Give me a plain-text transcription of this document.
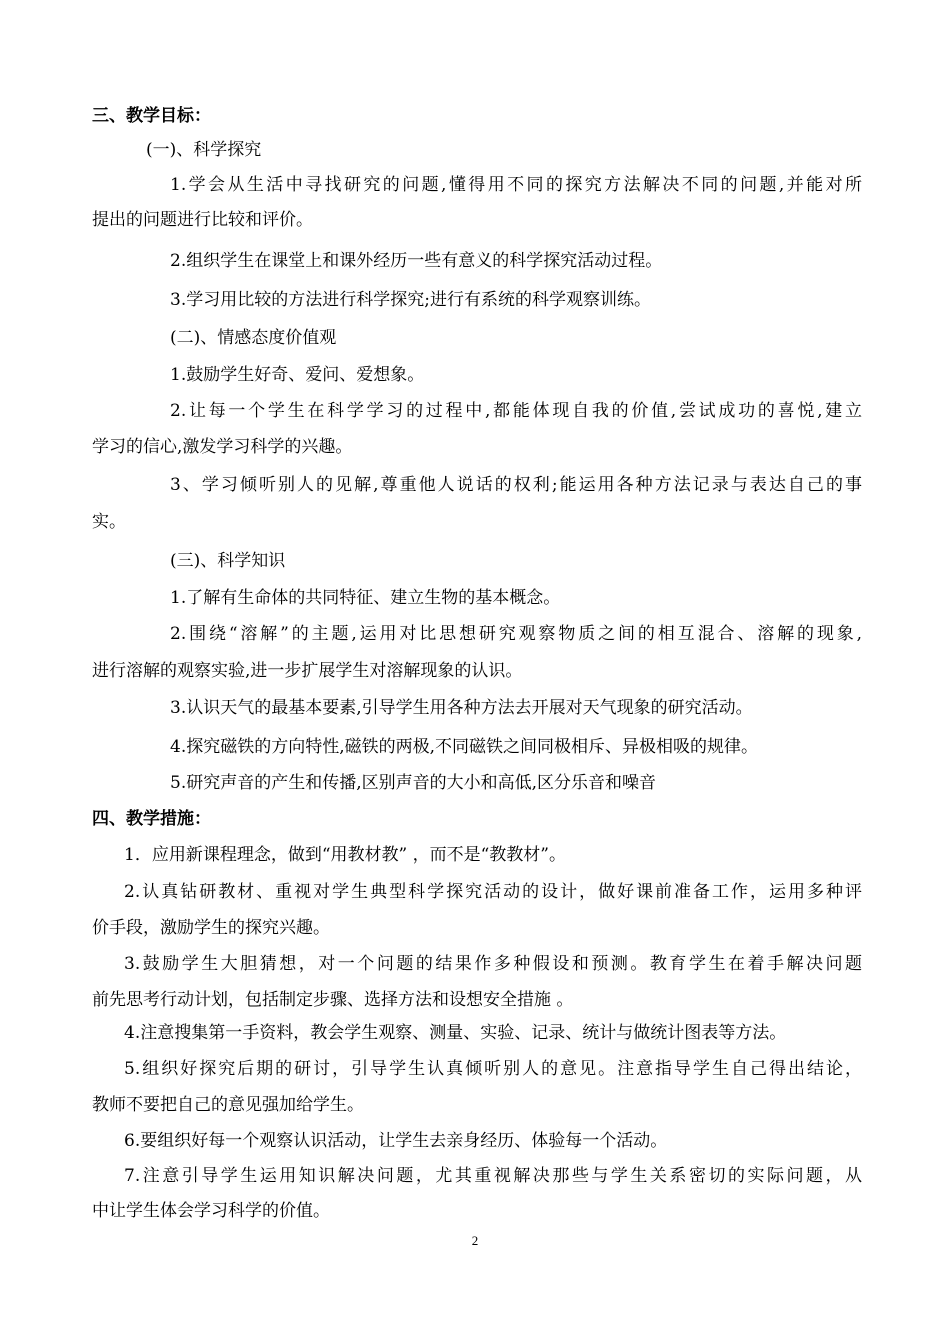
三、教学目标：
(一)、科学探究
1.学会从生活中寻找研究的问题,懂得用不同的探究方法解决不同的问题,并能对所
提出的问题进行比较和评价。
2.组织学生在课堂上和课外经历一些有意义的科学探究活动过程。
3.学习用比较的方法进行科学探究;进行有系统的科学观察训练。
(二)、情感态度价值观
1.鼓励学生好奇、爱问、爱想象。
2.让每一个学生在科学学习的过程中,都能体现自我的价值,尝试成功的喜悦,建立
学习的信心,激发学习科学的兴趣。
3、学习倾听别人的见解,尊重他人说话的权利;能运用各种方法记录与表达自己的事
实。
(三)、科学知识
1.了解有生命体的共同特征、建立生物的基本概念。
2.围绕“溶解”的主题,运用对比思想研究观察物质之间的相互混合、溶解的现象,
进行溶解的观察实验,进一步扩展学生对溶解现象的认识。
3.认识天气的最基本要素,引导学生用各种方法去开展对天气现象的研究活动。
4.探究磁铁的方向特性,磁铁的两极,不同磁铁之间同极相斥、异极相吸的规律。
5.研究声音的产生和传播,区别声音的大小和高低,区分乐音和噪音
四、教学措施：
1．应用新课程理念，做到“用教材教” ，而不是“教教材”。
2.认真钻研教材、重视对学生典型科学探究活动的设计，做好课前准备工作，运用多种评
价手段，激励学生的探究兴趣。
3.鼓励学生大胆猜想，对一个问题的结果作多种假设和预测。教育学生在着手解决问题
前先思考行动计划，包括制定步骤、选择方法和设想安全措施 。
4.注意搜集第一手资料，教会学生观察、测量、实验、记录、统计与做统计图表等方法。
5.组织好探究后期的研讨，引导学生认真倾听别人的意见。注意指导学生自己得出结论，
教师不要把自己的意见强加给学生。
6.要组织好每一个观察认识活动，让学生去亲身经历、体验每一个活动。
7.注意引导学生运用知识解决问题，尤其重视解决那些与学生关系密切的实际问题，从
中让学生体会学习科学的价值。
2
